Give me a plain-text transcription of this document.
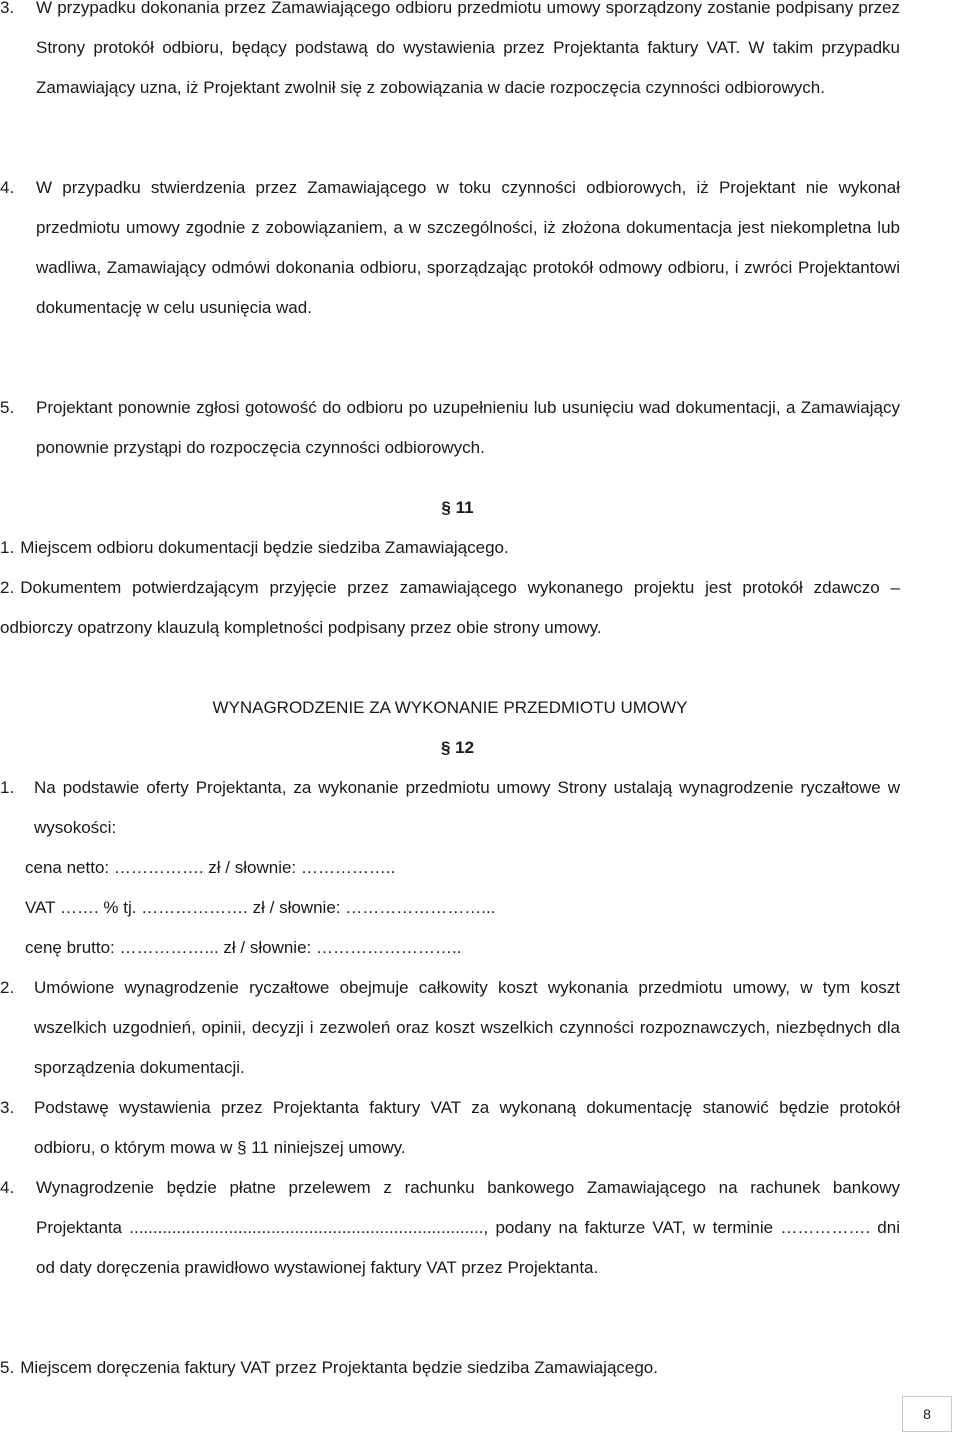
3. W przypadku dokonania przez Zamawiającego odbioru przedmiotu umowy sporządzony zostanie podpisany przez Strony protokół odbioru, będący podstawą do wystawienia przez Projektanta faktury VAT. W takim przypadku Zamawiający uzna, iż Projektant zwolnił się z zobowiązania w dacie rozpoczęcia czynności odbiorowych.
4. W przypadku stwierdzenia przez Zamawiającego w toku czynności odbiorowych, iż Projektant nie wykonał przedmiotu umowy zgodnie z zobowiązaniem, a w szczególności, iż złożona dokumentacja jest niekompletna lub wadliwa, Zamawiający odmówi dokonania odbioru, sporządzając protokół odmowy odbioru, i zwróci Projektantowi dokumentację w celu usunięcia wad.
5. Projektant ponownie zgłosi gotowość do odbioru po uzupełnieniu lub usunięciu wad dokumentacji, a Zamawiający ponownie przystąpi do rozpoczęcia czynności odbiorowych.
§ 11
1. Miejscem odbioru dokumentacji będzie siedziba Zamawiającego.
2. Dokumentem potwierdzającym przyjęcie przez zamawiającego wykonanego projektu jest protokół zdawczo – odbiorczy opatrzony klauzulą kompletności podpisany przez obie strony umowy.
WYNAGRODZENIE ZA WYKONANIE PRZEDMIOTU UMOWY
§ 12
1. Na podstawie oferty Projektanta, za wykonanie przedmiotu umowy Strony ustalają wynagrodzenie ryczałtowe w wysokości:
cena netto: ……………. zł / słownie: ……………..
VAT ……. % tj. ………………. zł / słownie: ……………………...
cenę brutto: ……………... zł / słownie: ……………………..
2. Umówione wynagrodzenie ryczałtowe obejmuje całkowity koszt wykonania przedmiotu umowy, w tym koszt wszelkich uzgodnień, opinii, decyzji i zezwoleń oraz koszt wszelkich czynności rozpoznawczych, niezbędnych dla sporządzenia dokumentacji.
3. Podstawę wystawienia przez Projektanta faktury VAT za wykonaną dokumentację stanowić będzie protokół odbioru, o którym mowa w § 11 niniejszej umowy.
4. Wynagrodzenie będzie płatne przelewem z rachunku bankowego Zamawiającego na rachunek bankowy Projektanta ..........................................................................., podany na fakturze VAT, w terminie ……………. dni od daty doręczenia prawidłowo wystawionej faktury VAT przez Projektanta.
5. Miejscem doręczenia faktury VAT przez Projektanta będzie siedziba Zamawiającego.
8
